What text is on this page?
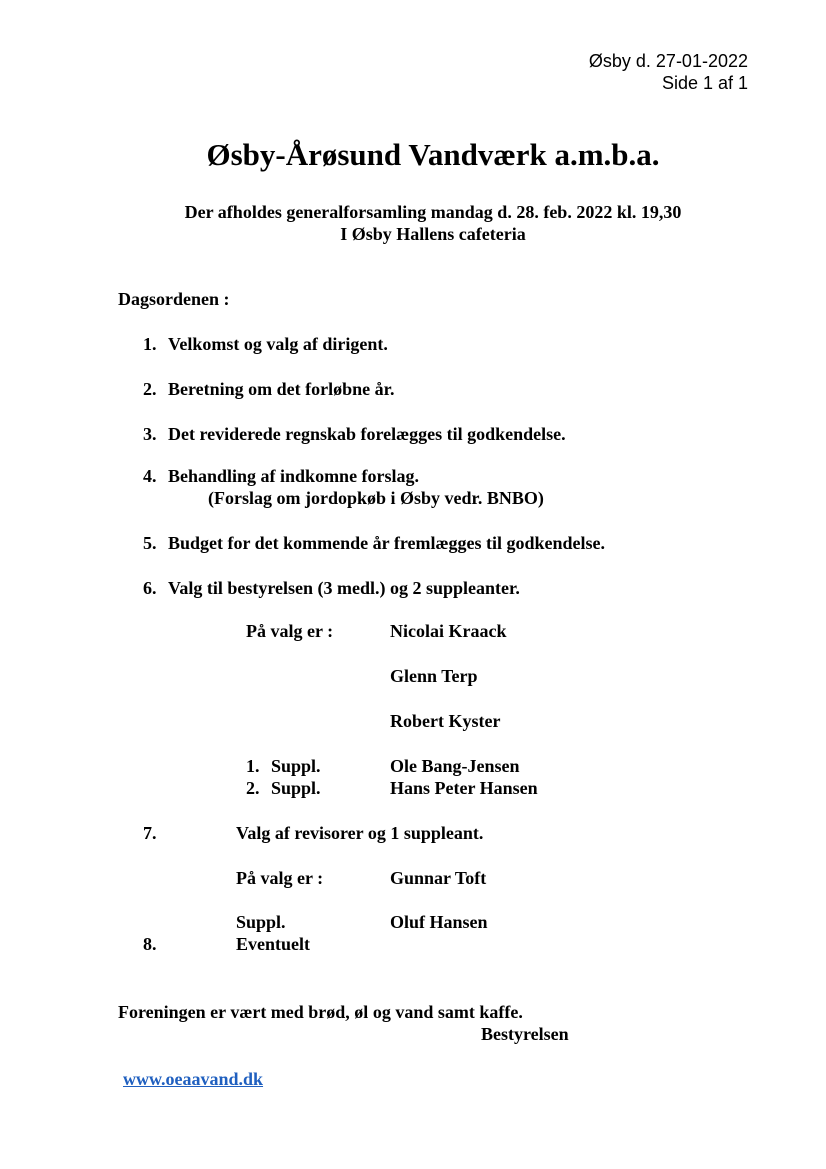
Øsby d. 27-01-2022
Side 1 af 1
Øsby-Årøsund Vandværk a.m.b.a.
Der afholdes generalforsamling mandag d. 28. feb. 2022 kl. 19,30
I Øsby Hallens cafeteria
Dagsordenen :
1. Velkomst og valg af dirigent.
2. Beretning om det forløbne år.
3. Det reviderede regnskab forelægges til godkendelse.
4. Behandling af indkomne forslag.
(Forslag om jordopkøb i Øsby vedr. BNBO)
5. Budget for det kommende år fremlægges til godkendelse.
6. Valg til bestyrelsen (3 medl.) og 2 suppleanter.
På valg er :	Nicolai Kraack
Glenn Terp
Robert Kyster
1. Suppl.	Ole Bang-Jensen
2. Suppl.	Hans Peter Hansen
7.	Valg af revisorer og 1 suppleant.
På valg er :	Gunnar Toft
Suppl.	Oluf Hansen
8.	Eventuelt
Foreningen er vært med brød, øl og vand samt kaffe.
Bestyrelsen
www.oeaavand.dk
